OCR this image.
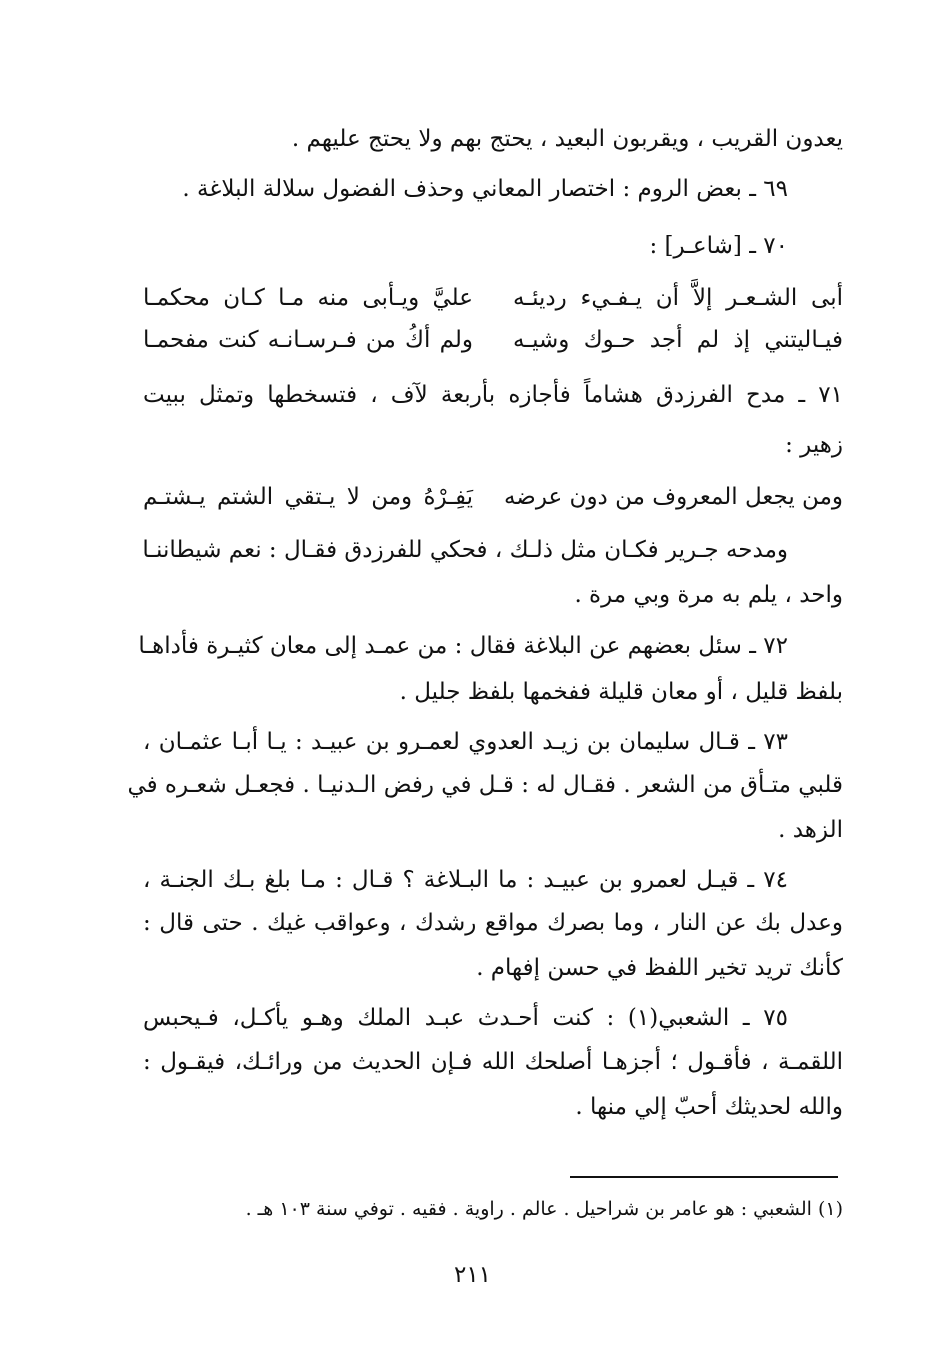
يعدون القريب ، ويقربون البعيد ، يحتج بهم ولا يحتج عليهم .
٦٩ ـ بعض الروم : اختصار المعاني وحذف الفضول سلالة البلاغة .
٧٠ ـ [شاعـر] :
أبى الشـعـر إلاَّ أن يـفـيء رديئـه
عليَّ ويـأبى منه مـا كـان محكمـا
فيـاليتني إذ لم أجد حـوك وشيـه
ولم أكُ من فـرسـانـه كنت مفحمـا
٧١ ـ مدح الفرزدق هشاماً فأجازه بأربعة لآف ، فتسخطها وتمثل ببيت
زهير :
ومن يجعل المعروف من دون عرضه
يَفِـرْهُ ومن لا يـتقي الشتم يـشتـم
ومدحه جـرير فكـان مثل ذلـك ، فحكي للفرزدق فقـال : نعم شيطاننـا
واحد ، يلم به مرة وبي مرة .
٧٢ ـ سئل بعضهم عن البلاغة فقال : من عمـد إلى معان كثيـرة فأداهـا
بلفظ قليل ، أو معان قليلة ففخمها بلفظ جليل .
٧٣ ـ قـال سليمان بن زيـد العدوي لعمـرو بن عبيـد : يـا أبـا عثمـان ،
قلبي متـأق من الشعر . فقـال له : قـل في رفض الـدنيـا . فجعـل شعـره في
الزهد .
٧٤ ـ قيـل لعمرو بن عبيـد : ما البـلاغة ؟ قـال : مـا بلغ بـك الجنـة ،
وعدل بك عن النار ، وما بصرك مواقع رشدك ، وعواقب غيك . حتى قال :
كأنك تريد تخير اللفظ في حسن إفهام .
٧٥ ـ الشعبي(١) : كنت أحـدث عبـد الملك وهـو يأكـل، فـيحبس
اللقمـة ، فأقـول ؛ أجزهـا أصلحك الله فـإن الحديث من ورائـك، فيقـول :
والله لحديثك أحبّ إلي منها .
(١) الشعبي : هو عامر بن شراحيل . عالم . راوية . فقيه . توفي سنة ١٠٣ هـ .
٢١١
